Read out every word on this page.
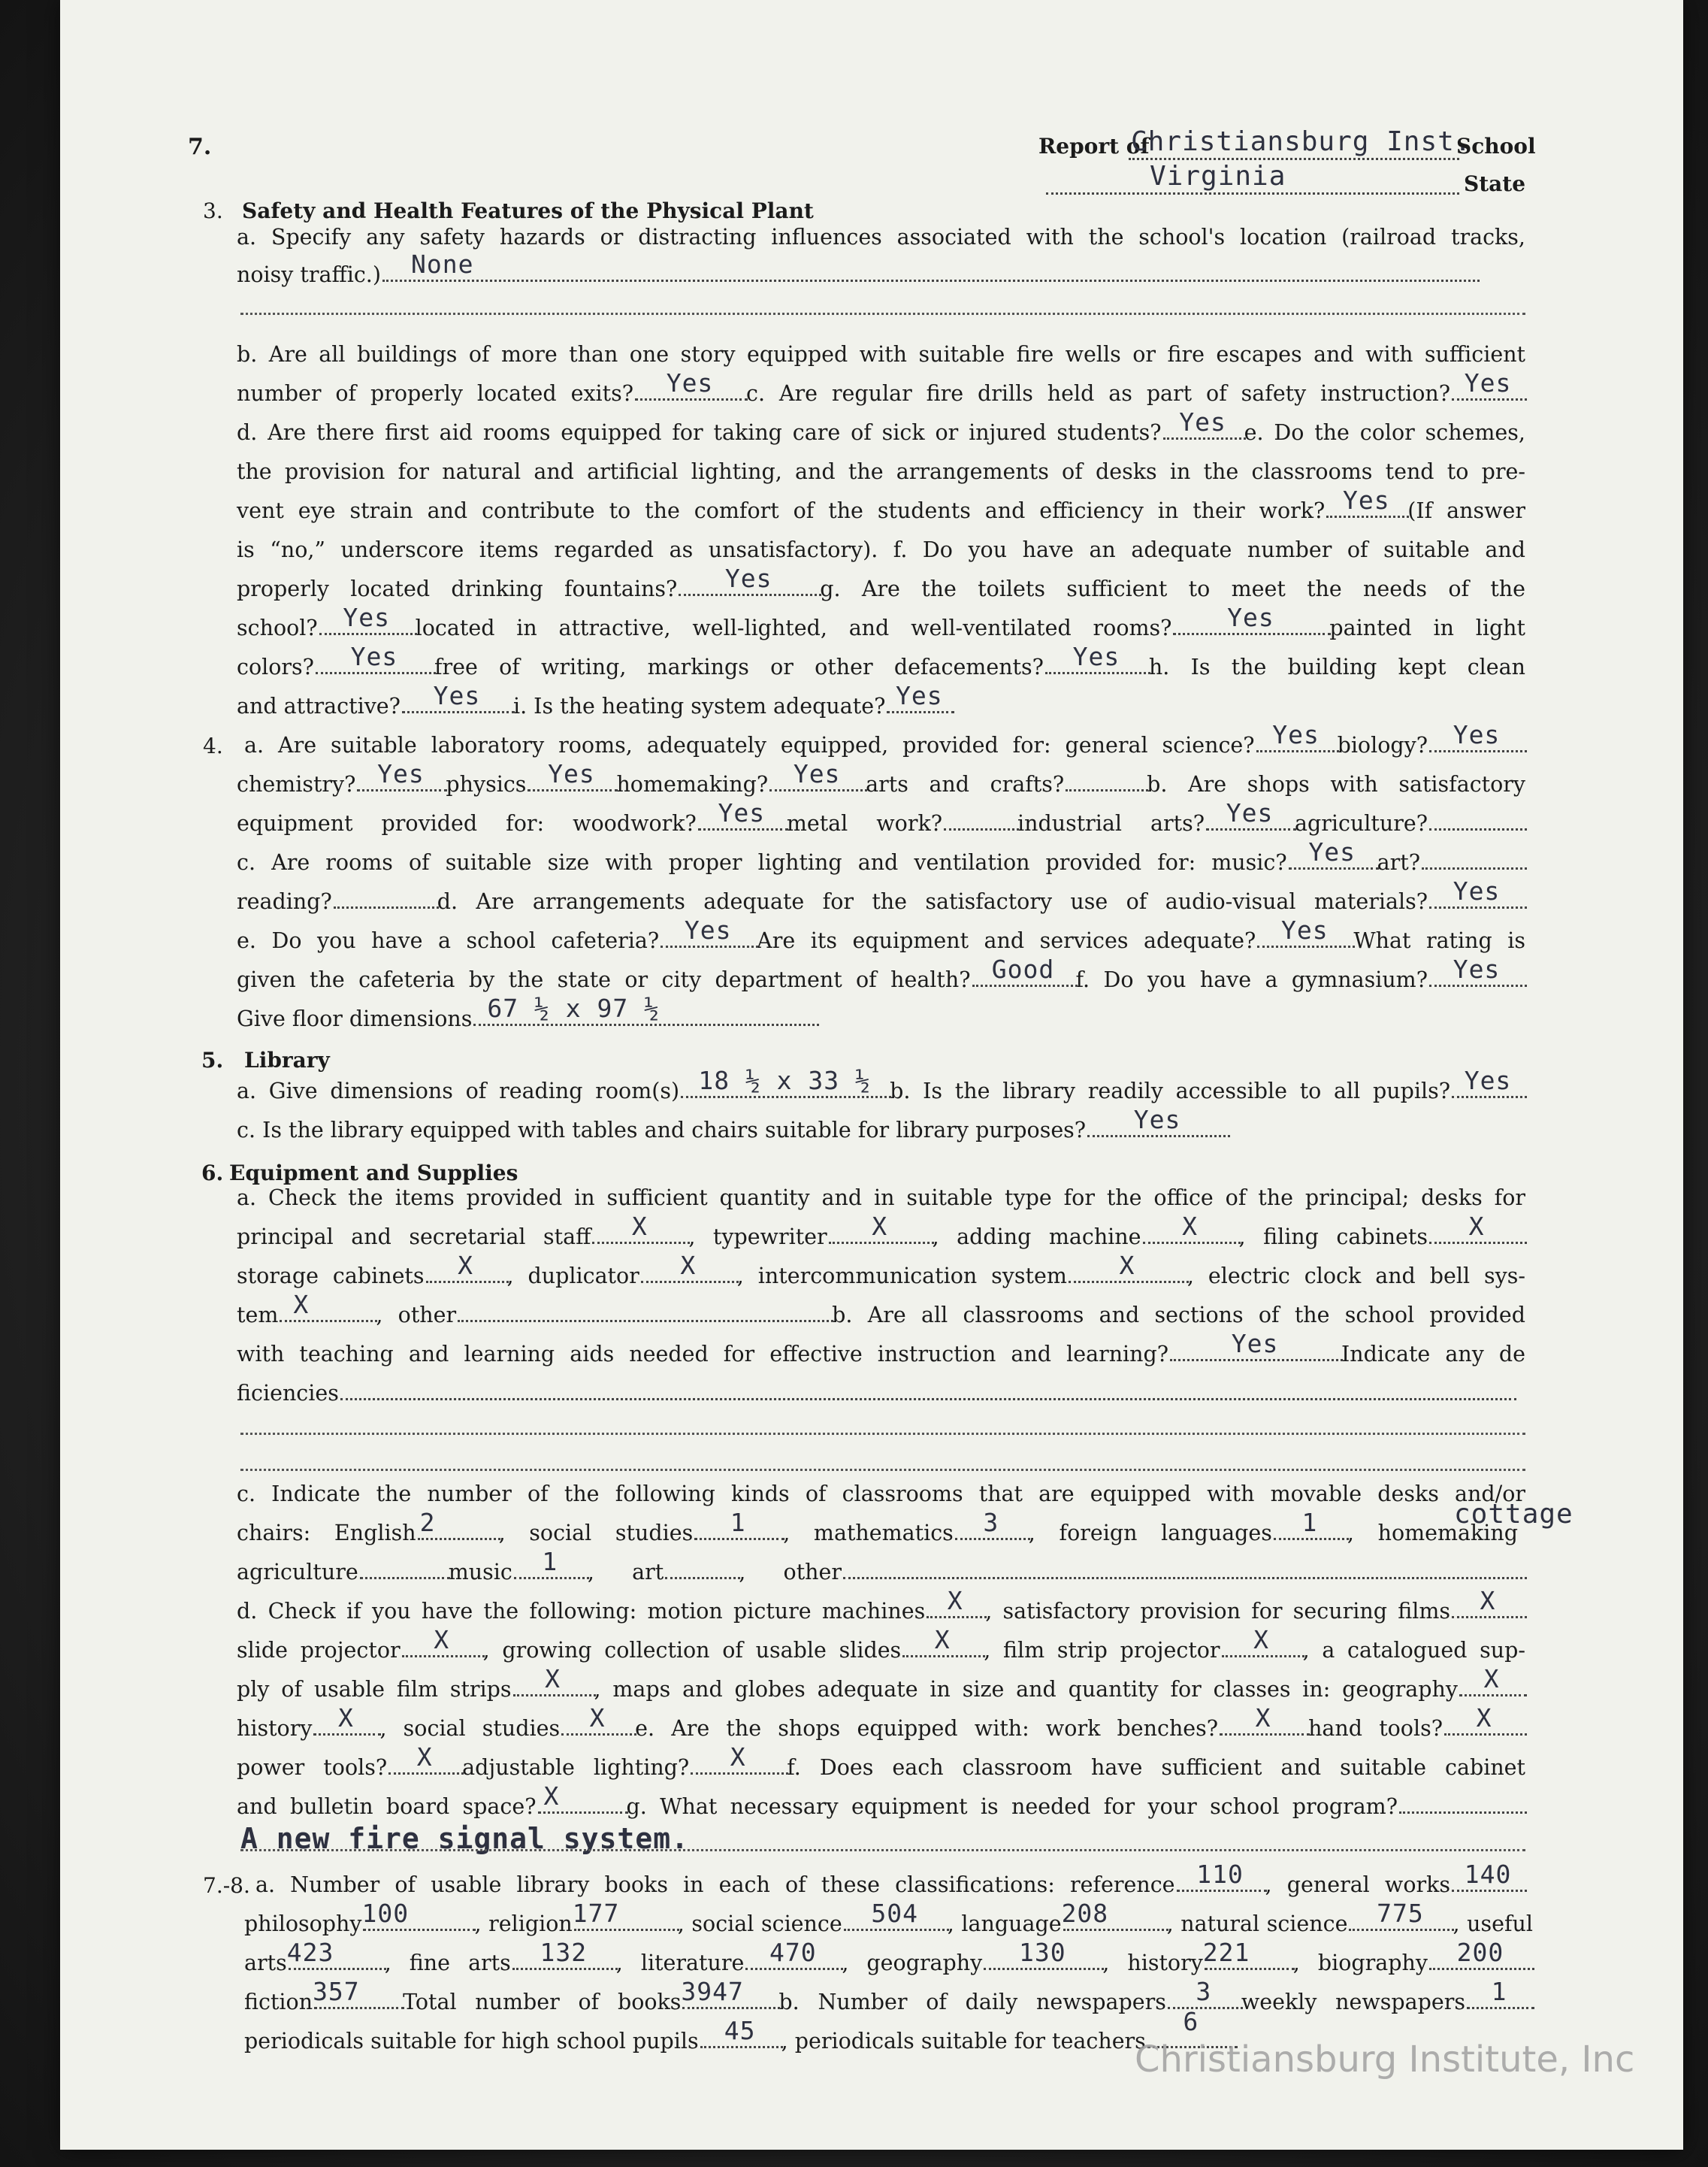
7.	Report of
Christiansburg Inst.
School
Virginia	State
3. Safety and Health Features of the Physical Plant
a. Specify any safety hazards or distracting influences associated with the school's location (railroad tracks,
noisy traffic.) None
b. Are all buildings of more than one story equipped with suitable fire wells or fire escapes and with sufficient
number of properly located exits? Yes c. Are regular fire drills held as part of safety instruction? Yes
d. Are there first aid rooms equipped for taking care of sick or injured students? Yes e. Do the color schemes,
the provision for natural and artificial lighting, and the arrangements of desks in the classrooms tend to pre-
vent eye strain and contribute to the comfort of the students and efficiency in their work? Yes (If answer
is “no,” underscore items regarded as unsatisfactory). f. Do you have an adequate number of suitable and
properly located drinking fountains? Yes g. Are the toilets sufficient to meet the needs of the
school? Yes located in attractive, well-lighted, and well-ventilated rooms? Yes	painted in light
colors? Yes free of writing, markings or other defacements? Yes h. Is the building kept clean
and attractive? Yes i. Is the heating system adequate? Yes
4. a. Are suitable laboratory rooms, adequately equipped, provided for: general science? Yes biology? Yes
chemistry? Yes physics Yes homemaking? Yes arts and crafts?	b. Are shops with satisfactory
equipment provided for: woodwork? Yes metal work?	industrial arts? Yes agriculture?
c. Are rooms of suitable size with proper lighting and ventilation provided for: music? Yes art?
reading?	d. Are arrangements adequate for the satisfactory use of audio-visual materials? Yes
e. Do you have a school cafeteria? Yes Are its equipment and services adequate? Yes What rating is
given the cafeteria by the state or city department of health? Good f. Do you have a gymnasium? Yes
Give floor dimensions 67 ½ x 97 ½
5. Library
a. Give dimensions of reading room(s) 18 ½ x 33 ½ b. Is the library readily accessible to all pupils? Yes
c. Is the library equipped with tables and chairs suitable for library purposes? Yes
6. Equipment and Supplies
a. Check the items provided in sufficient quantity and in suitable type for the office of the principal; desks for
principal and secretarial staff X , typewriter X , adding machine X , filing cabinets X
storage cabinets X , duplicator X , intercommunication system X , electric clock and bell sys-
tem X	, other	b. Are all classrooms and sections of the school provided
with teaching and learning aids needed for effective instruction and learning?	Yes	Indicate any de
ficiencies
c. Indicate the number of the following kinds of classrooms that are equipped with movable desks and/or
chairs: English 2	, social studies 1 , mathematics 3 , foreign languages 1 , homemaking
cottage
agriculture	music 1 , art	, other
d. Check if you have the following: motion picture machines X , satisfactory provision for securing films X
slide projector X , growing collection of usable slides X , film strip projector X , a catalogued sup-
ply of usable film strips X , maps and globes adequate in size and quantity for classes in: geography X
history X , social studies X e. Are the shops equipped with: work benches? X hand tools? X
power tools? X adjustable lighting? X f. Does each classroom have sufficient and suitable cabinet
and bulletin board space? X	g. What necessary equipment is needed for your school program?
A new fire signal system.
7.-8. a. Number of usable library books in each of these classifications: reference 110 , general works 140
philosophy 100	, religion 177	, social science 504 , language 208	, natural science 775 , useful
arts 423 , fine arts 132 , literature 470 , geography 130 , history 221 , biography 200
fiction 357 Total number of books 3947 b. Number of daily newspapers 3 weekly newspapers 1
periodicals suitable for high school pupils 45 , periodicals suitable for teachers
6
Christiansburg Institute, Inc
